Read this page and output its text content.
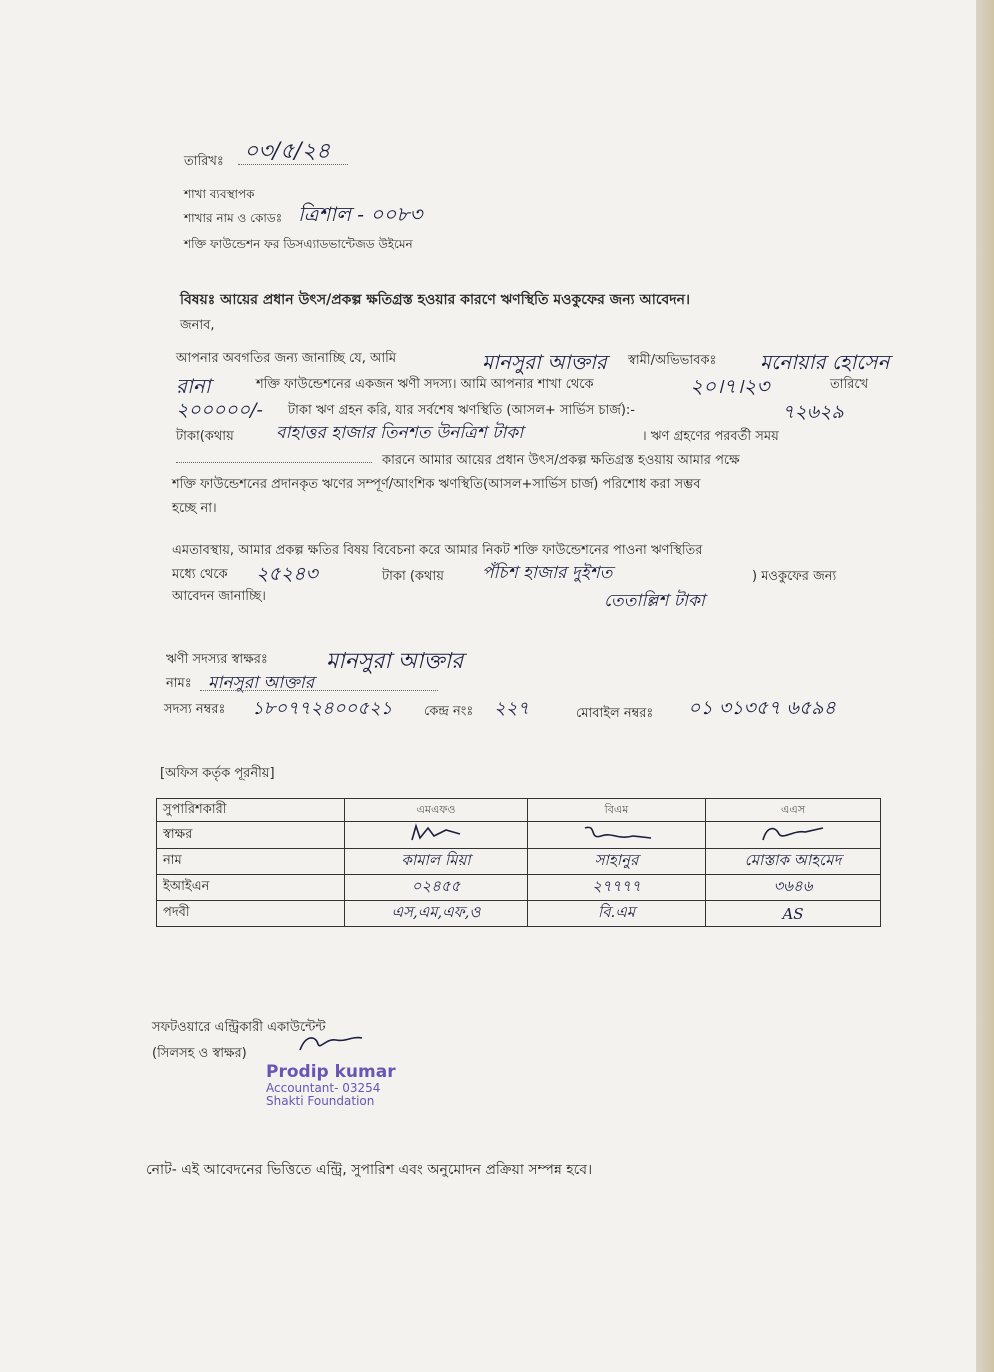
তারিখঃ ০৩/৫/২৪
শাখা ব্যবস্থাপক
শাখার নাম ও কোডঃ ত্রিশাল - ০০৮৩
শক্তি ফাউন্ডেশন ফর ডিসএ্যাডভান্টেজড উইমেন
বিষয়ঃ আয়ের প্রধান উৎস/প্রকল্প ক্ষতিগ্রস্ত হওয়ার কারণে ঋণস্থিতি মওকুফের জন্য আবেদন।
জনাব,
আপনার অবগতির জন্য জানাচ্ছি যে, আমি	মানসুরা আক্তার স্বামী/অভিভাবকঃ মনোয়ার হোসেন
রানা	শক্তি ফাউন্ডেশনের একজন ঋণী সদস্য। আমি আপনার শাখা থেকে	২০।৭।২৩	তারিখে
২০০০০০/- টাকা ঋণ গ্রহন করি, যার সর্বশেষ ঋণস্থিতি (আসল+ সার্ভিস চার্জ):-	৭২৬২৯
টাকা(কথায় বাহাত্তর হাজার তিনশত উনত্রিশ টাকা	। ঋণ গ্রহণের পরবর্তী সময়
কারনে আমার আয়ের প্রধান উৎস/প্রকল্প ক্ষতিগ্রস্ত হওয়ায় আমার পক্ষে
শক্তি ফাউন্ডেশনের প্রদানকৃত ঋণের সম্পূর্ণ/আংশিক ঋণস্থিতি(আসল+সার্ভিস চার্জ) পরিশোধ করা সম্ভব
হচ্ছে না।
এমতাবস্থায়, আমার প্রকল্প ক্ষতির বিষয় বিবেচনা করে আমার নিকট শক্তি ফাউন্ডেশনের পাওনা ঋণস্থিতির
মধ্যে থেকে ২৫২৪৩	টাকা (কথায় পঁচিশ হাজার দুইশত	) মওকুফের জন্য
আবেদন জানাচ্ছি।	তেতাল্লিশ টাকা
ঋণী সদস্যর স্বাক্ষরঃ	মানসুরা আক্তার
নামঃ মানসুরা আক্তার
সদস্য নম্বরঃ ১৮০৭৭২৪০০৫২১ কেন্দ্র নংঃ ২২৭	মোবাইল নম্বরঃ ০১ ৩১৩৫৭ ৬৫৯৪
[অফিস কর্তৃক পূরনীয়]
সুপারিশকারী	এমএফও	বিএম	এএস
স্বাক্ষর			
নাম	কামাল মিয়া	সাহানুর	মোস্তাক আহমেদ
ইআইএন	০২৪৫৫	২৭৭৭৭	৩৬৪৬
পদবী	এস,এম,এফ,ও	বি.এম	AS
সফটওয়ারে এন্ট্রিকারী একাউন্টেন্ট
(সিলসহ ও স্বাক্ষর)
Prodip kumar
Accountant- 03254
Shakti Foundation
নোট- এই আবেদনের ভিত্তিতে এন্ট্রি, সুপারিশ এবং অনুমোদন প্রক্রিয়া সম্পন্ন হবে।
